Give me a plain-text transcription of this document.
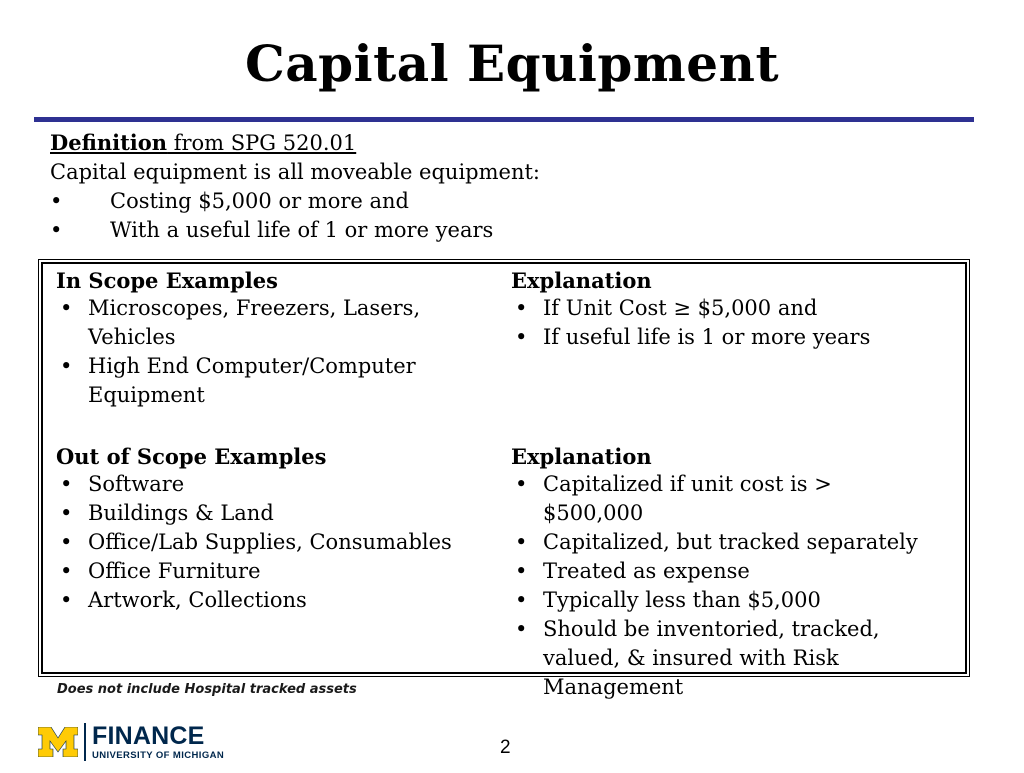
Capital Equipment
Definition from SPG 520.01
Capital equipment is all moveable equipment:
• Costing $5,000 or more and
• With a useful life of 1 or more years
In Scope Examples
• Microscopes, Freezers, Lasers, Vehicles
• High End Computer/Computer Equipment
Explanation
• If Unit Cost ≥ $5,000 and
• If useful life is 1 or more years
Out of Scope Examples
• Software
• Buildings & Land
• Office/Lab Supplies, Consumables
• Office Furniture
• Artwork, Collections
Explanation
• Capitalized if unit cost is > $500,000
• Capitalized, but tracked separately
• Treated as expense
• Typically less than $5,000
• Should be inventoried, tracked, valued, & insured with Risk Management
Does not include Hospital tracked assets
FINANCE
UNIVERSITY OF MICHIGAN	2
